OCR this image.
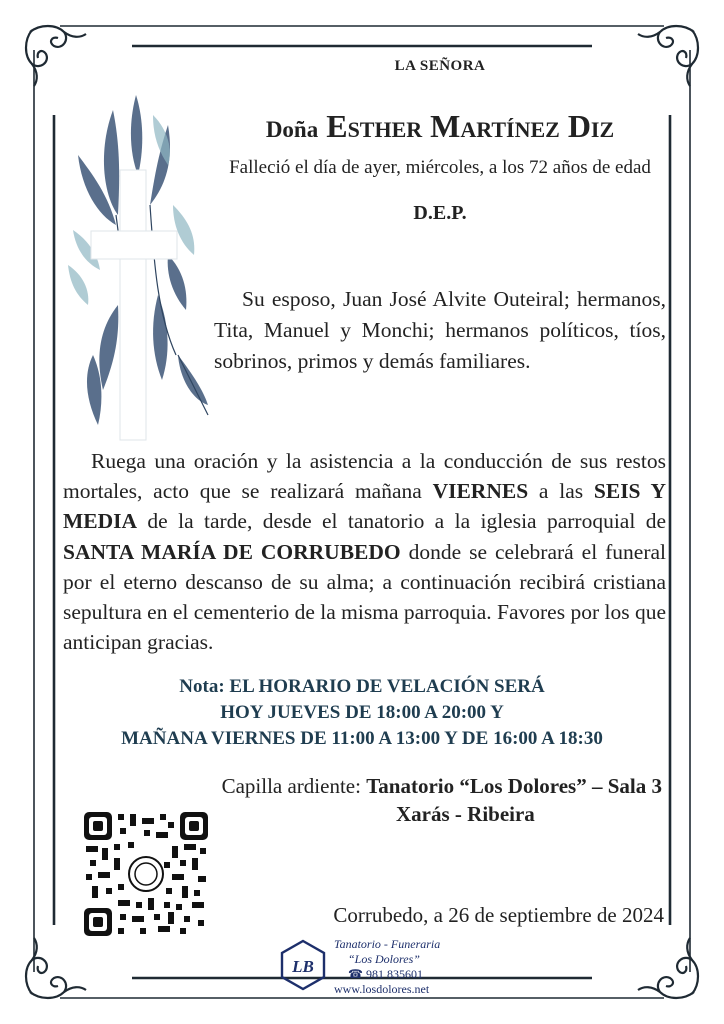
LA SEÑORA
Doña Esther Martínez Diz
Falleció el día de ayer, miércoles, a los 72 años de edad
D.E.P.

Su esposo, Juan José Alvite Outeiral; hermanos, Tita, Manuel y Monchi; hermanos políticos, tíos, sobrinos, primos y demás familiares.

Ruega una oración y la asistencia a la conducción de sus restos mortales, acto que se realizará mañana VIERNES a las SEIS Y MEDIA de la tarde, desde el tanatorio a la iglesia parroquial de SANTA MARÍA DE CORRUBEDO donde se celebrará el funeral por el eterno descanso de su alma; a continuación recibirá cristiana sepultura en el cementerio de la misma parroquia. Favores por los que anticipan gracias.

Nota: EL HORARIO DE VELACIÓN SERÁ
HOY JUEVES DE 18:00 A 20:00 Y
MAÑANA VIERNES DE 11:00 A 13:00 Y DE 16:00 A 18:30
Capilla ardiente: Tanatorio “Los Dolores” – Sala 3
Xarás - Ribeira
Corrubedo, a 26 de septiembre de 2024
LB
Tanatorio - Funeraria
“Los Dolores”
☎ 981 835601
www.losdolores.net
